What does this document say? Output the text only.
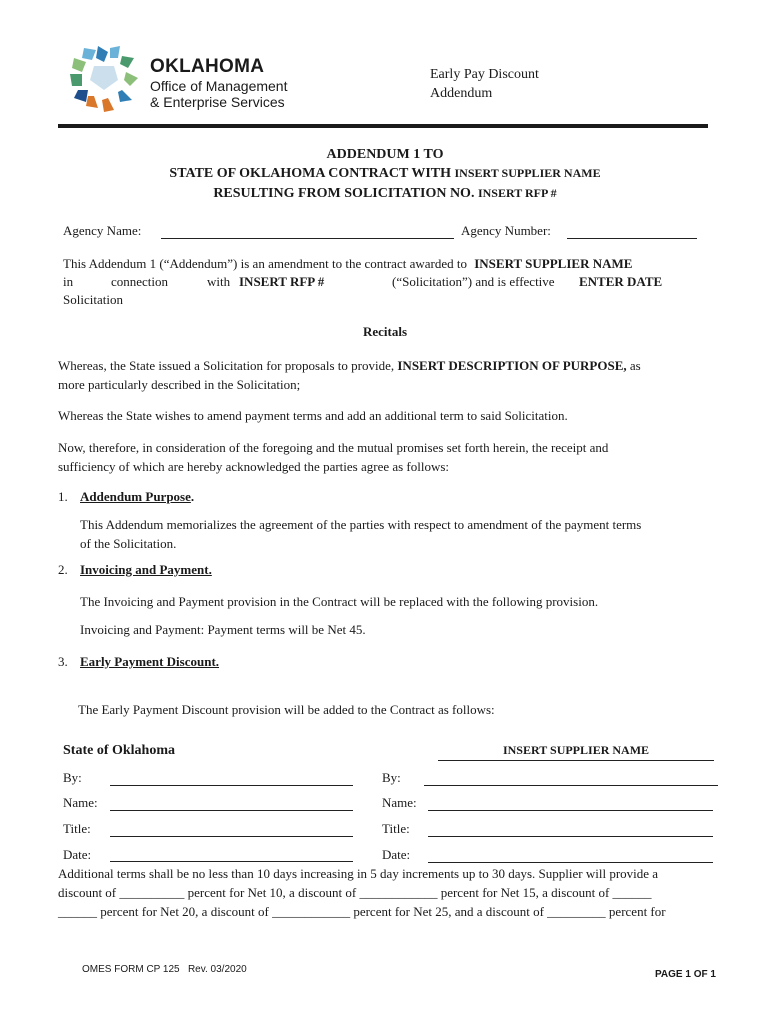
OKLAHOMA
Office of Management
& Enterprise Services
Early Pay Discount
Addendum
ADDENDUM 1 TO
STATE OF OKLAHOMA CONTRACT WITH INSERT SUPPLIER NAME
RESULTING FROM SOLICITATION NO. INSERT RFP #
Agency Name:	Agency Number:
This Addendum 1 (“Addendum”) is an amendment to the contract awarded to INSERT SUPPLIER NAME
in	connection	with INSERT RFP #	(“Solicitation”) and is effective ENTER DATE
Solicitation
Recitals
Whereas, the State issued a Solicitation for proposals to provide, INSERT DESCRIPTION OF PURPOSE, as
more particularly described in the Solicitation;
Whereas the State wishes to amend payment terms and add an additional term to said Solicitation.
Now, therefore, in consideration of the foregoing and the mutual promises set forth herein, the receipt and
sufficiency of which are hereby acknowledged the parties agree as follows:
1. Addendum Purpose.
This Addendum memorializes the agreement of the parties with respect to amendment of the payment terms
of the Solicitation.
2. Invoicing and Payment.
The Invoicing and Payment provision in the Contract will be replaced with the following provision.
Invoicing and Payment: Payment terms will be Net 45.
3. Early Payment Discount.
The Early Payment Discount provision will be added to the Contract as follows:
State of Oklahoma	INSERT SUPPLIER NAME
By:	By:
Name:	Name:
Title:	Title:
Date:	Date:
Additional terms shall be no less than 10 days increasing in 5 day increments up to 30 days. Supplier will provide a
discount of __________ percent for Net 10, a discount of ____________ percent for Net 15, a discount of ______
______ percent for Net 20, a discount of ____________ percent for Net 25, and a discount of _________ percent for
OMES FORM CP 125   Rev. 03/2020	PAGE 1 OF 1
